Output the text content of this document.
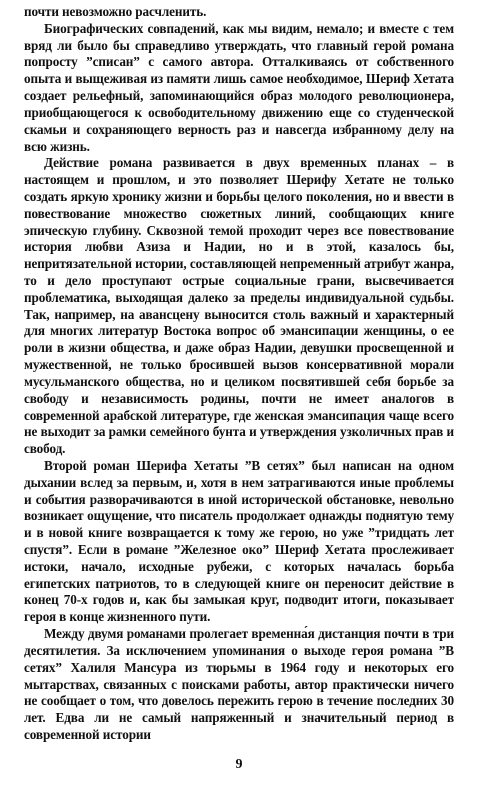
почти невозможно расчленить.

Биографических совпадений, как мы видим, немало; и вместе с тем вряд ли было бы справедливо утверждать, что главный герой романа попросту ”списан” с самого автора. Отталкиваясь от собственного опыта и выщеживая из памяти лишь самое необходимое, Шериф Хетата создает рельефный, запоминающийся образ молодого революционера, приобщающегося к освободительному движению еще со студенческой скамьи и сохраняющего верность раз и навсегда избранному делу на всю жизнь.

Действие романа развивается в двух временных планах – в настоящем и прошлом, и это позволяет Шерифу Хетате не только создать яркую хронику жизни и борьбы целого поколения, но и ввести в повествование множество сюжетных линий, сообщающих книге эпическую глубину. Сквозной темой проходит через все повествование история любви Азиза и Надии, но и в этой, казалось бы, непритязательной истории, составляющей непременный атрибут жанра, то и дело проступают острые социальные грани, высвечивается проблематика, выходящая далеко за пределы индивидуальной судьбы. Так, например, на авансцену выносится столь важный и характерный для многих литератур Востока вопрос об эмансипации женщины, о ее роли в жизни общества, и даже образ Надии, девушки просвещенной и мужественной, не только бросившей вызов консервативной морали мусульманского общества, но и целиком посвятившей себя борьбе за свободу и независимость родины, почти не имеет аналогов в современной арабской литературе, где женская эмансипация чаще всего не выходит за рамки семейного бунта и утверждения узколичных прав и свобод.

Второй роман Шерифа Хетаты ”В сетях” был написан на одном дыхании вслед за первым, и, хотя в нем затрагиваются иные проблемы и события разворачиваются в иной исторической обстановке, невольно возникает ощущение, что писатель продолжает однажды поднятую тему и в новой книге возвращается к тому же герою, но уже ”тридцать лет спустя”. Если в романе ”Железное око” Шериф Хетата прослеживает истоки, начало, исходные рубежи, с которых началась борьба египетских патриотов, то в следующей книге он переносит действие в конец 70-х годов и, как бы замыкая круг, подводит итоги, показывает героя в конце жизненного пути.

Между двумя романами пролегает временна́я дистанция почти в три десятилетия. За исключением упоминания о выходе героя романа ”В сетях” Халиля Мансура из тюрьмы в 1964 году и некоторых его мытарствах, связанных с поисками работы, автор практически ничего не сообщает о том, что довелось пережить герою в течение последних 30 лет. Едва ли не самый напряженный и значительный период в современной истории

9
